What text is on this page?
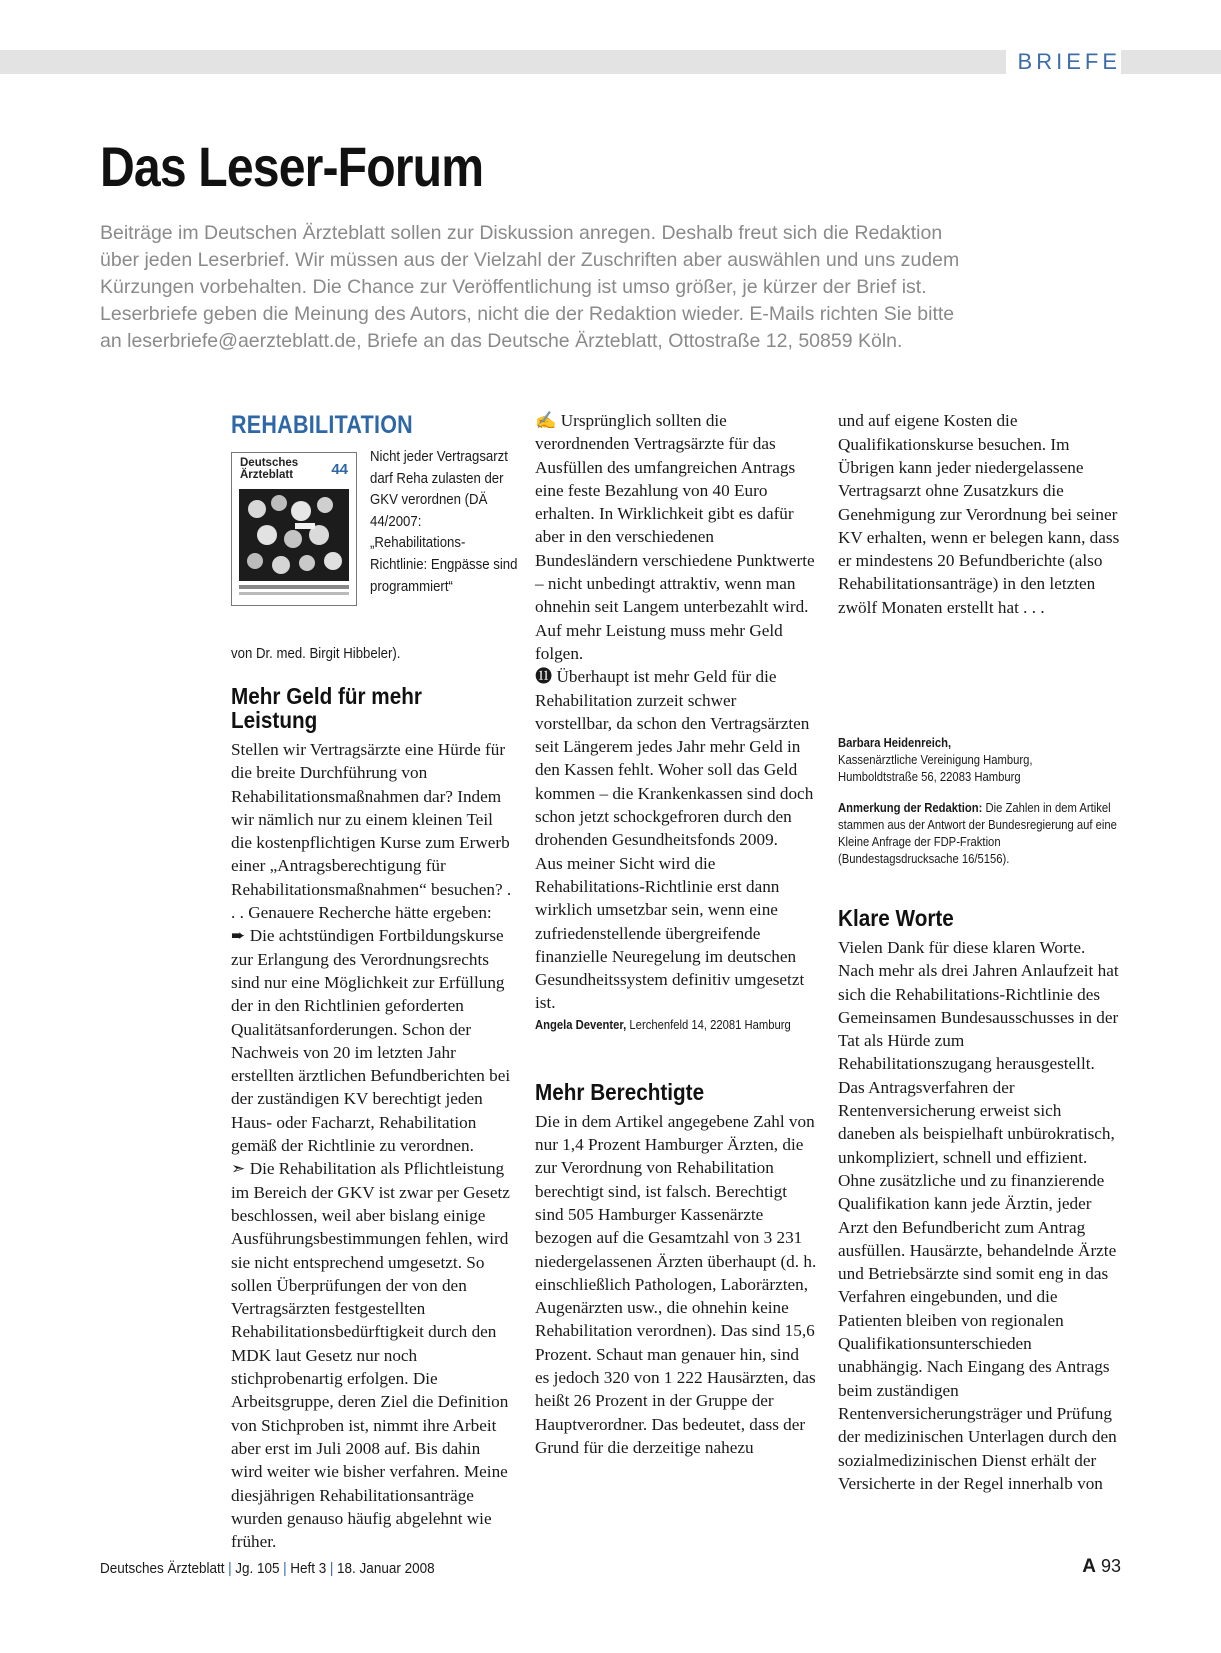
BRIEFE
Das Leser-Forum

Beiträge im Deutschen Ärzteblatt sollen zur Diskussion anregen. Deshalb freut sich die Redaktion über jeden Leserbrief. Wir müssen aus der Vielzahl der Zuschriften aber auswählen und uns zudem Kürzungen vorbehalten. Die Chance zur Veröffentlichung ist umso größer, je kürzer der Brief ist. Leserbriefe geben die Meinung des Autors, nicht die der Redaktion wieder. E-Mails richten Sie bitte an leserbriefe@aerzteblatt.de, Briefe an das Deutsche Ärzteblatt, Ottostraße 12, 50859 Köln.

REHABILITATION
Deutsches Ärzteblatt	44
Nicht jeder Vertragsarzt darf Reha zulasten der GKV verordnen (DÄ 44/2007: „Rehabilitations-Richtlinie: Engpässe sind programmiert“
von Dr. med. Birgit Hibbeler).
Mehr Geld für mehr Leistung

Stellen wir Vertragsärzte eine Hürde für die breite Durchführung von Rehabilitationsmaßnahmen dar? Indem wir nämlich nur zu einem kleinen Teil die kostenpflichtigen Kurse zum Erwerb einer „Antragsberechtigung für Rehabilitationsmaßnahmen“ besuchen? . . . Genauere Recherche hätte ergeben:

➨ Die achtstündigen Fortbildungskurse zur Erlangung des Verordnungsrechts sind nur eine Möglichkeit zur Erfüllung der in den Richtlinien geforderten Qualitätsanforderungen. Schon der Nachweis von 20 im letzten Jahr erstellten ärztlichen Befundberichten bei der zuständigen KV berechtigt jeden Haus- oder Facharzt, Rehabilitation gemäß der Richtlinie zu verordnen.

➣ Die Rehabilitation als Pflichtleistung im Bereich der GKV ist zwar per Gesetz beschlossen, weil aber bislang einige Ausführungsbestimmungen fehlen, wird sie nicht entsprechend umgesetzt. So sollen Überprüfungen der von den Vertragsärzten festgestellten Rehabilitationsbedürftigkeit durch den MDK laut Gesetz nur noch stichprobenartig erfolgen. Die Arbeitsgruppe, deren Ziel die Definition von Stichproben ist, nimmt ihre Arbeit aber erst im Juli 2008 auf. Bis dahin wird weiter wie bisher verfahren. Meine diesjährigen Rehabilitationsanträge wurden genauso häufig abgelehnt wie früher.

✍ Ursprünglich sollten die verordnenden Vertragsärzte für das Ausfüllen des umfangreichen Antrags eine feste Bezahlung von 40 Euro erhalten. In Wirklichkeit gibt es dafür aber in den verschiedenen Bundesländern verschiedene Punktwerte – nicht unbedingt attraktiv, wenn man ohnehin seit Langem unterbezahlt wird. Auf mehr Leistung muss mehr Geld folgen.

⓫ Überhaupt ist mehr Geld für die Rehabilitation zurzeit schwer vorstellbar, da schon den Vertragsärzten seit Längerem jedes Jahr mehr Geld in den Kassen fehlt. Woher soll das Geld kommen – die Krankenkassen sind doch schon jetzt schockgefroren durch den drohenden Gesundheitsfonds 2009.

Aus meiner Sicht wird die Rehabilitations-Richtlinie erst dann wirklich umsetzbar sein, wenn eine zufriedenstellende übergreifende finanzielle Neuregelung im deutschen Gesundheitssystem definitiv umgesetzt ist.

Angela Deventer, Lerchenfeld 14, 22081 Hamburg
Mehr Berechtigte

Die in dem Artikel angegebene Zahl von nur 1,4 Prozent Hamburger Ärzten, die zur Verordnung von Rehabilitation berechtigt sind, ist falsch. Berechtigt sind 505 Hamburger Kassenärzte bezogen auf die Gesamtzahl von 3 231 niedergelassenen Ärzten überhaupt (d. h. einschließlich Pathologen, Laborärzten, Augenärzten usw., die ohnehin keine Rehabilitation verordnen). Das sind 15,6 Prozent. Schaut man genauer hin, sind es jedoch 320 von 1 222 Hausärzten, das heißt 26 Prozent in der Gruppe der Hauptverordner. Das bedeutet, dass der Grund für die derzeitige nahezu

und auf eigene Kosten die Qualifikationskurse besuchen. Im Übrigen kann jeder niedergelassene Vertragsarzt ohne Zusatzkurs die Genehmigung zur Verordnung bei seiner KV erhalten, wenn er belegen kann, dass er mindestens 20 Befundberichte (also Rehabilitationsanträge) in den letzten zwölf Monaten erstellt hat . . .

Barbara Heidenreich,
Kassenärztliche Vereinigung Hamburg,
Humboldtstraße 56, 22083 Hamburg
Anmerkung der Redaktion: Die Zahlen in dem Artikel stammen aus der Antwort der Bundesregierung auf eine Kleine Anfrage der FDP-Fraktion (Bundestagsdrucksache 16/5156).
Klare Worte

Vielen Dank für diese klaren Worte. Nach mehr als drei Jahren Anlaufzeit hat sich die Rehabilitations-Richtlinie des Gemeinsamen Bundesausschusses in der Tat als Hürde zum Rehabilitationszugang herausgestellt. Das Antragsverfahren der Rentenversicherung erweist sich daneben als beispielhaft unbürokratisch, unkompliziert, schnell und effizient. Ohne zusätzliche und zu finanzierende Qualifikation kann jede Ärztin, jeder Arzt den Befundbericht zum Antrag ausfüllen. Hausärzte, behandelnde Ärzte und Betriebsärzte sind somit eng in das Verfahren eingebunden, und die Patienten bleiben von regionalen Qualifikationsunterschieden unabhängig. Nach Eingang des Antrags beim zuständigen Rentenversicherungsträger und Prüfung der medizinischen Unterlagen durch den sozialmedizinischen Dienst erhält der Versicherte in der Regel innerhalb von

Deutsches Ärzteblatt | Jg. 105 | Heft 3 | 18. Januar 2008	A 93
